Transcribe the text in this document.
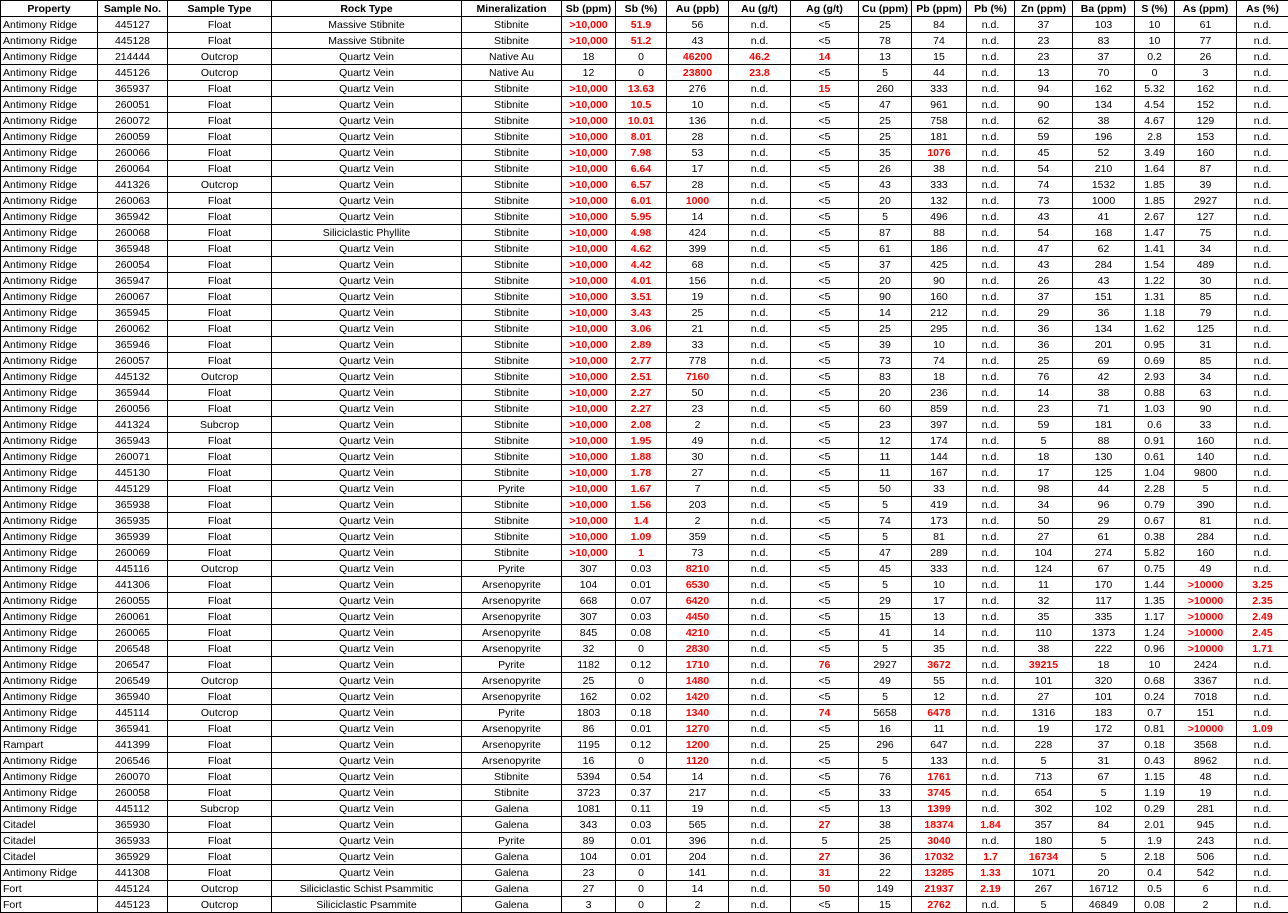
Property	Sample No.	Sample Type	Rock Type	Mineralization	Sb (ppm)	Sb (%)	Au (ppb)	Au (g/t)	Ag (g/t)	Cu (ppm)	Pb (ppm)	Pb (%)	Zn (ppm)	Ba (ppm)	S (%)	As (ppm)	As (%)
Antimony Ridge	445127	Float	Massive Stibnite	Stibnite	>10,000	51.9	56	n.d.	<5	25	84	n.d.	37	103	10	61	n.d.
Antimony Ridge	445128	Float	Massive Stibnite	Stibnite	>10,000	51.2	43	n.d.	<5	78	74	n.d.	23	83	10	77	n.d.
Antimony Ridge	214444	Outcrop	Quartz Vein	Native Au	18	0	46200	46.2	14	13	15	n.d.	23	37	0.2	26	n.d.
Antimony Ridge	445126	Outcrop	Quartz Vein	Native Au	12	0	23800	23.8	<5	5	44	n.d.	13	70	0	3	n.d.
Antimony Ridge	365937	Float	Quartz Vein	Stibnite	>10,000	13.63	276	n.d.	15	260	333	n.d.	94	162	5.32	162	n.d.
Antimony Ridge	260051	Float	Quartz Vein	Stibnite	>10,000	10.5	10	n.d.	<5	47	961	n.d.	90	134	4.54	152	n.d.
Antimony Ridge	260072	Float	Quartz Vein	Stibnite	>10,000	10.01	136	n.d.	<5	25	758	n.d.	62	38	4.67	129	n.d.
Antimony Ridge	260059	Float	Quartz Vein	Stibnite	>10,000	8.01	28	n.d.	<5	25	181	n.d.	59	196	2.8	153	n.d.
Antimony Ridge	260066	Float	Quartz Vein	Stibnite	>10,000	7.98	53	n.d.	<5	35	1076	n.d.	45	52	3.49	160	n.d.
Antimony Ridge	260064	Float	Quartz Vein	Stibnite	>10,000	6.64	17	n.d.	<5	26	38	n.d.	54	210	1.64	87	n.d.
Antimony Ridge	441326	Outcrop	Quartz Vein	Stibnite	>10,000	6.57	28	n.d.	<5	43	333	n.d.	74	1532	1.85	39	n.d.
Antimony Ridge	260063	Float	Quartz Vein	Stibnite	>10,000	6.01	1000	n.d.	<5	20	132	n.d.	73	1000	1.85	2927	n.d.
Antimony Ridge	365942	Float	Quartz Vein	Stibnite	>10,000	5.95	14	n.d.	<5	5	496	n.d.	43	41	2.67	127	n.d.
Antimony Ridge	260068	Float	Siliciclastic Phyllite	Stibnite	>10,000	4.98	424	n.d.	<5	87	88	n.d.	54	168	1.47	75	n.d.
Antimony Ridge	365948	Float	Quartz Vein	Stibnite	>10,000	4.62	399	n.d.	<5	61	186	n.d.	47	62	1.41	34	n.d.
Antimony Ridge	260054	Float	Quartz Vein	Stibnite	>10,000	4.42	68	n.d.	<5	37	425	n.d.	43	284	1.54	489	n.d.
Antimony Ridge	365947	Float	Quartz Vein	Stibnite	>10,000	4.01	156	n.d.	<5	20	90	n.d.	26	43	1.22	30	n.d.
Antimony Ridge	260067	Float	Quartz Vein	Stibnite	>10,000	3.51	19	n.d.	<5	90	160	n.d.	37	151	1.31	85	n.d.
Antimony Ridge	365945	Float	Quartz Vein	Stibnite	>10,000	3.43	25	n.d.	<5	14	212	n.d.	29	36	1.18	79	n.d.
Antimony Ridge	260062	Float	Quartz Vein	Stibnite	>10,000	3.06	21	n.d.	<5	25	295	n.d.	36	134	1.62	125	n.d.
Antimony Ridge	365946	Float	Quartz Vein	Stibnite	>10,000	2.89	33	n.d.	<5	39	10	n.d.	36	201	0.95	31	n.d.
Antimony Ridge	260057	Float	Quartz Vein	Stibnite	>10,000	2.77	778	n.d.	<5	73	74	n.d.	25	69	0.69	85	n.d.
Antimony Ridge	445132	Outcrop	Quartz Vein	Stibnite	>10,000	2.51	7160	n.d.	<5	83	18	n.d.	76	42	2.93	34	n.d.
Antimony Ridge	365944	Float	Quartz Vein	Stibnite	>10,000	2.27	50	n.d.	<5	20	236	n.d.	14	38	0.88	63	n.d.
Antimony Ridge	260056	Float	Quartz Vein	Stibnite	>10,000	2.27	23	n.d.	<5	60	859	n.d.	23	71	1.03	90	n.d.
Antimony Ridge	441324	Subcrop	Quartz Vein	Stibnite	>10,000	2.08	2	n.d.	<5	23	397	n.d.	59	181	0.6	33	n.d.
Antimony Ridge	365943	Float	Quartz Vein	Stibnite	>10,000	1.95	49	n.d.	<5	12	174	n.d.	5	88	0.91	160	n.d.
Antimony Ridge	260071	Float	Quartz Vein	Stibnite	>10,000	1.88	30	n.d.	<5	11	144	n.d.	18	130	0.61	140	n.d.
Antimony Ridge	445130	Float	Quartz Vein	Stibnite	>10,000	1.78	27	n.d.	<5	11	167	n.d.	17	125	1.04	9800	n.d.
Antimony Ridge	445129	Float	Quartz Vein	Pyrite	>10,000	1.67	7	n.d.	<5	50	33	n.d.	98	44	2.28	5	n.d.
Antimony Ridge	365938	Float	Quartz Vein	Stibnite	>10,000	1.56	203	n.d.	<5	5	419	n.d.	34	96	0.79	390	n.d.
Antimony Ridge	365935	Float	Quartz Vein	Stibnite	>10,000	1.4	2	n.d.	<5	74	173	n.d.	50	29	0.67	81	n.d.
Antimony Ridge	365939	Float	Quartz Vein	Stibnite	>10,000	1.09	359	n.d.	<5	5	81	n.d.	27	61	0.38	284	n.d.
Antimony Ridge	260069	Float	Quartz Vein	Stibnite	>10,000	1	73	n.d.	<5	47	289	n.d.	104	274	5.82	160	n.d.
Antimony Ridge	445116	Outcrop	Quartz Vein	Pyrite	307	0.03	8210	n.d.	<5	45	333	n.d.	124	67	0.75	49	n.d.
Antimony Ridge	441306	Float	Quartz Vein	Arsenopyrite	104	0.01	6530	n.d.	<5	5	10	n.d.	11	170	1.44	>10000	3.25
Antimony Ridge	260055	Float	Quartz Vein	Arsenopyrite	668	0.07	6420	n.d.	<5	29	17	n.d.	32	117	1.35	>10000	2.35
Antimony Ridge	260061	Float	Quartz Vein	Arsenopyrite	307	0.03	4450	n.d.	<5	15	13	n.d.	35	335	1.17	>10000	2.49
Antimony Ridge	260065	Float	Quartz Vein	Arsenopyrite	845	0.08	4210	n.d.	<5	41	14	n.d.	110	1373	1.24	>10000	2.45
Antimony Ridge	206548	Float	Quartz Vein	Arsenopyrite	32	0	2830	n.d.	<5	5	35	n.d.	38	222	0.96	>10000	1.71
Antimony Ridge	206547	Float	Quartz Vein	Pyrite	1182	0.12	1710	n.d.	76	2927	3672	n.d.	39215	18	10	2424	n.d.
Antimony Ridge	206549	Outcrop	Quartz Vein	Arsenopyrite	25	0	1480	n.d.	<5	49	55	n.d.	101	320	0.68	3367	n.d.
Antimony Ridge	365940	Float	Quartz Vein	Arsenopyrite	162	0.02	1420	n.d.	<5	5	12	n.d.	27	101	0.24	7018	n.d.
Antimony Ridge	445114	Outcrop	Quartz Vein	Pyrite	1803	0.18	1340	n.d.	74	5658	6478	n.d.	1316	183	0.7	151	n.d.
Antimony Ridge	365941	Float	Quartz Vein	Arsenopyrite	86	0.01	1270	n.d.	<5	16	11	n.d.	19	172	0.81	>10000	1.09
Rampart	441399	Float	Quartz Vein	Arsenopyrite	1195	0.12	1200	n.d.	25	296	647	n.d.	228	37	0.18	3568	n.d.
Antimony Ridge	206546	Float	Quartz Vein	Arsenopyrite	16	0	1120	n.d.	<5	5	133	n.d.	5	31	0.43	8962	n.d.
Antimony Ridge	260070	Float	Quartz Vein	Stibnite	5394	0.54	14	n.d.	<5	76	1761	n.d.	713	67	1.15	48	n.d.
Antimony Ridge	260058	Float	Quartz Vein	Stibnite	3723	0.37	217	n.d.	<5	33	3745	n.d.	654	5	1.19	19	n.d.
Antimony Ridge	445112	Subcrop	Quartz Vein	Galena	1081	0.11	19	n.d.	<5	13	1399	n.d.	302	102	0.29	281	n.d.
Citadel	365930	Float	Quartz Vein	Galena	343	0.03	565	n.d.	27	38	18374	1.84	357	84	2.01	945	n.d.
Citadel	365933	Float	Quartz Vein	Pyrite	89	0.01	396	n.d.	5	25	3040	n.d.	180	5	1.9	243	n.d.
Citadel	365929	Float	Quartz Vein	Galena	104	0.01	204	n.d.	27	36	17032	1.7	16734	5	2.18	506	n.d.
Antimony Ridge	441308	Float	Quartz Vein	Galena	23	0	141	n.d.	31	22	13285	1.33	1071	20	0.4	542	n.d.
Fort	445124	Outcrop	Siliciclastic Schist Psammitic	Galena	27	0	14	n.d.	50	149	21937	2.19	267	16712	0.5	6	n.d.
Fort	445123	Outcrop	Siliciclastic Psammite	Galena	3	0	2	n.d.	<5	15	2762	n.d.	5	46849	0.08	2	n.d.
